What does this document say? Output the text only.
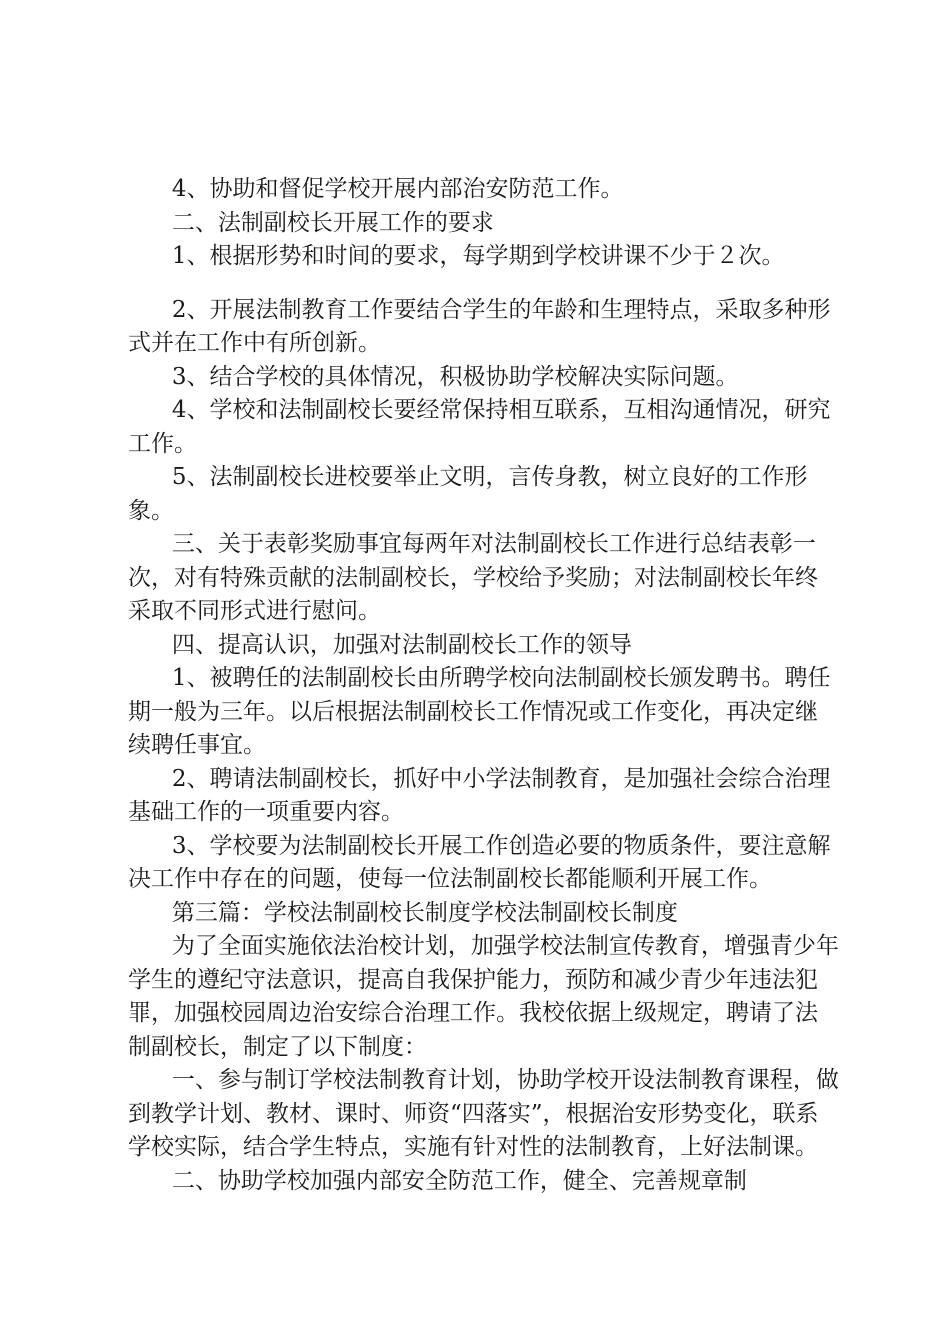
4、协助和督促学校开展内部治安防范工作。

二、法制副校长开展工作的要求

1、根据形势和时间的要求，每学期到学校讲课不少于２次。

2、开展法制教育工作要结合学生的年龄和生理特点，采取多种形式并在工作中有所创新。

3、结合学校的具体情况，积极协助学校解决实际问题。

4、学校和法制副校长要经常保持相互联系，互相沟通情况，研究工作。

5、法制副校长进校要举止文明，言传身教，树立良好的工作形象。

三、关于表彰奖励事宜每两年对法制副校长工作进行总结表彰一次，对有特殊贡献的法制副校长，学校给予奖励；对法制副校长年终采取不同形式进行慰问。

四、提高认识，加强对法制副校长工作的领导

1、被聘任的法制副校长由所聘学校向法制副校长颁发聘书。聘任期一般为三年。以后根据法制副校长工作情况或工作变化，再决定继续聘任事宜。

2、聘请法制副校长，抓好中小学法制教育，是加强社会综合治理基础工作的一项重要内容。

3、学校要为法制副校长开展工作创造必要的物质条件，要注意解决工作中存在的问题，使每一位法制副校长都能顺利开展工作。

第三篇：学校法制副校长制度学校法制副校长制度

为了全面实施依法治校计划，加强学校法制宣传教育，增强青少年学生的遵纪守法意识，提高自我保护能力，预防和减少青少年违法犯罪，加强校园周边治安综合治理工作。我校依据上级规定，聘请了法制副校长，制定了以下制度：

一、参与制订学校法制教育计划，协助学校开设法制教育课程，做到教学计划、教材、课时、师资“四落实”，根据治安形势变化，联系学校实际，结合学生特点，实施有针对性的法制教育，上好法制课。

二、协助学校加强内部安全防范工作，健全、完善规章制
